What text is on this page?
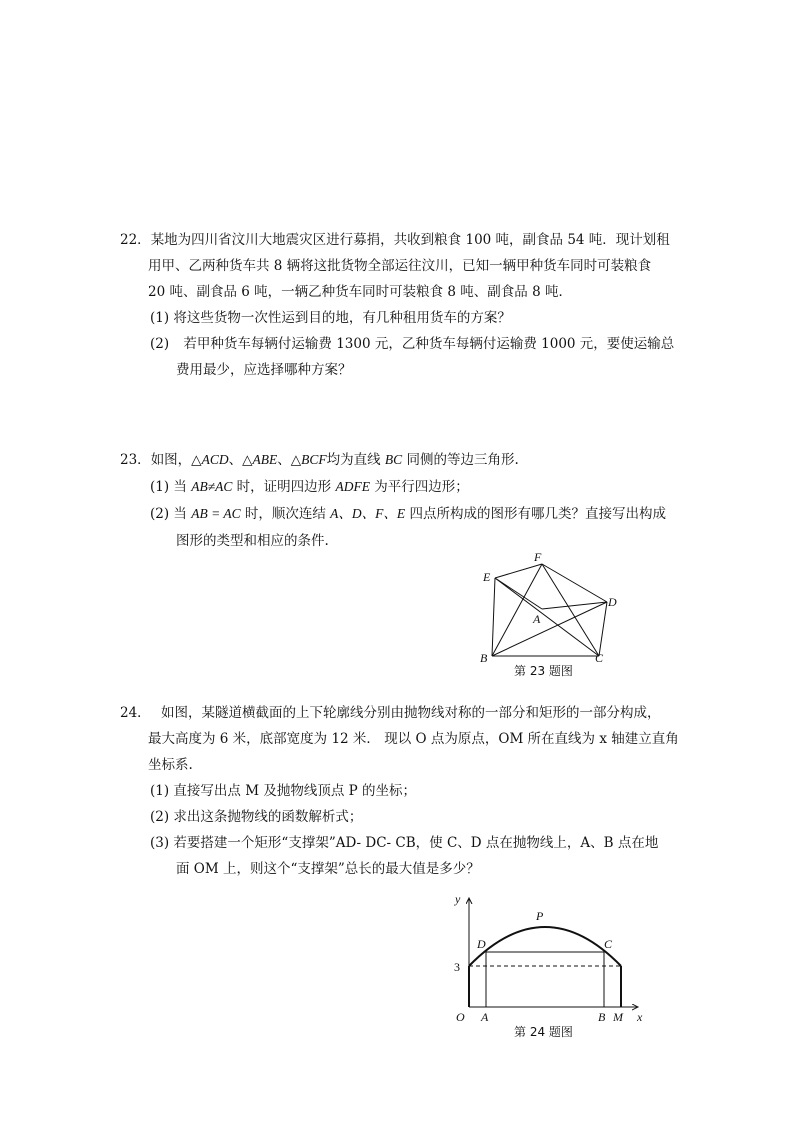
22．某地为四川省汶川大地震灾区进行募捐，共收到粮食 100 吨，副食品 54 吨．现计划租
用甲、乙两种货车共 8 辆将这批货物全部运往汶川，已知一辆甲种货车同时可装粮食
20 吨、副食品 6 吨，一辆乙种货车同时可装粮食 8 吨、副食品 8 吨．
(1) 将这些货物一次性运到目的地，有几种租用货车的方案？
(2) 若甲种货车每辆付运输费 1300 元，乙种货车每辆付运输费 1000 元，要使运输总
费用最少，应选择哪种方案？
23．如图，△ACD、△ABE、△BCF均为直线 BC 同侧的等边三角形.
(1) 当 AB≠AC 时，证明四边形 ADFE 为平行四边形；
(2) 当 AB = AC 时，顺次连结 A、D、F、E 四点所构成的图形有哪几类？直接写出构成
图形的类型和相应的条件.
F
E
D
A
B	C
第 23 题图
24． 如图，某隧道横截面的上下轮廓线分别由抛物线对称的一部分和矩形的一部分构成，
最大高度为 6 米，底部宽度为 12 米． 现以 O 点为原点，OM 所在直线为 x 轴建立直角
坐标系.
(1) 直接写出点 M 及抛物线顶点 P 的坐标；
(2) 求出这条抛物线的函数解析式；
(3) 若要搭建一个矩形“支撑架”AD- DC- CB，使 C、D 点在抛物线上，A、B 点在地
面 OM 上，则这个“支撑架”总长的最大值是多少？
y
x
P
D	C
3
O A	B M
第 24 题图
